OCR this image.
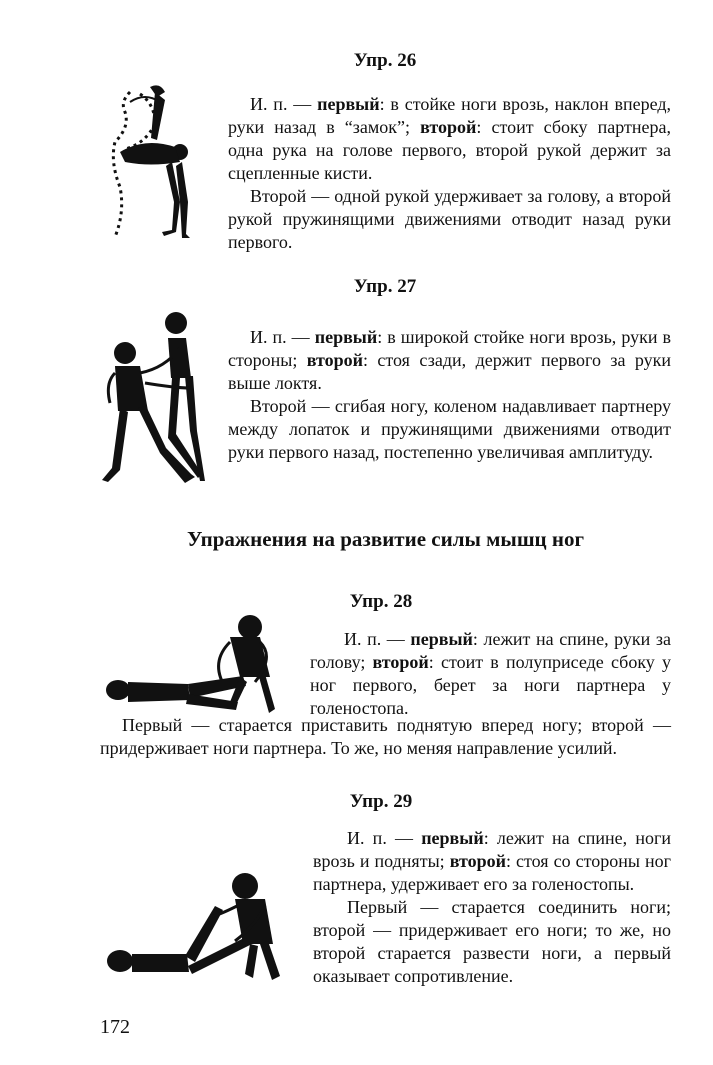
Упр. 26

И. п. — первый: в стойке ноги врозь, наклон вперед, руки назад в “замок”; второй: стоит сбоку партнера, одна рука на голове первого, второй рукой держит за сцепленные кисти.

Второй — одной рукой удерживает за голову, а второй рукой пружинящими движениями отводит назад руки первого.

Упр. 27

И. п. — первый: в широкой стойке ноги врозь, руки в стороны; второй: стоя сзади, держит первого за руки выше локтя.

Второй — сгибая ногу, коленом надавливает партнеру между лопаток и пружинящими движениями отводит руки первого назад, постепенно увеличивая амплитуду.

Упражнения на развитие силы мышц ног
Упр. 28

И. п. — первый: лежит на спине, руки за голову; второй: стоит в полуприседе сбоку у ног первого, берет за ноги партнера у голеностопа.

Первый — старается приставить поднятую вперед ногу; второй — придерживает ноги партнера. То же, но меняя направление усилий.

Упр. 29

И. п. — первый: лежит на спине, ноги врозь и подняты; второй: стоя со стороны ног партнера, удерживает его за голеностопы.

Первый — старается соединить ноги; второй — придерживает его ноги; то же, но второй старается развести ноги, а первый оказывает сопротивление.

172
